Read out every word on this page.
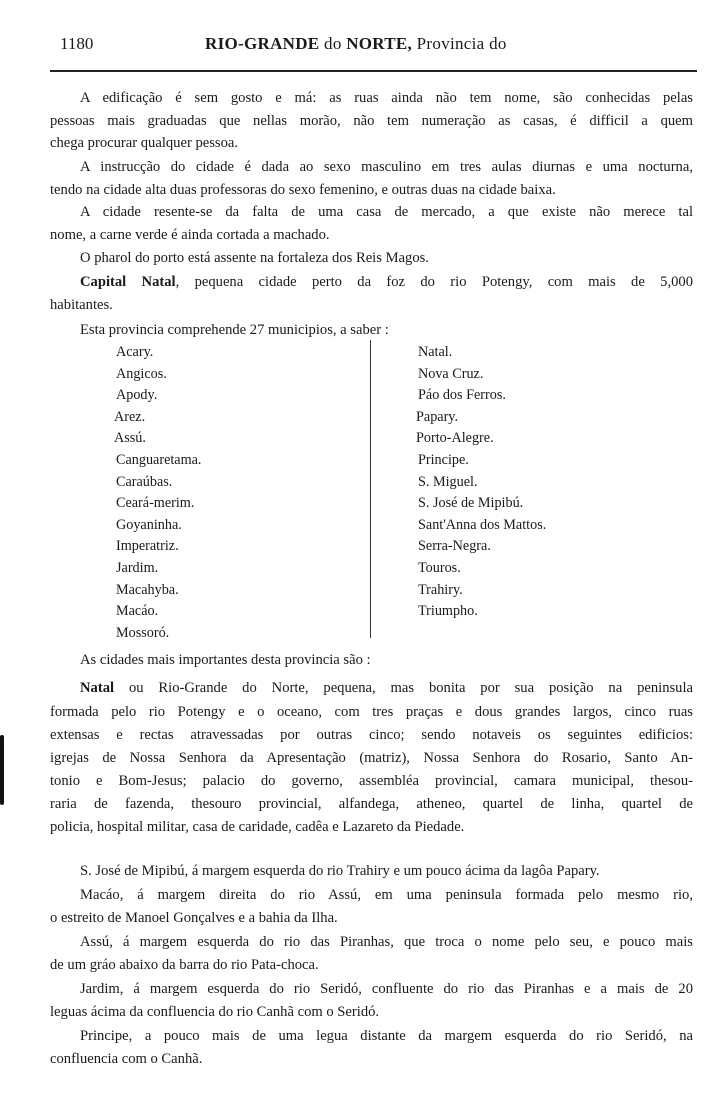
1180	RIO-GRANDE do NORTE, Provincia do
A edificação é sem gosto e má: as ruas ainda não tem nome, são conhecidas pelas
pessoas mais graduadas que nellas morão, não tem numeração as casas, é difficil a quem
chega procurar qualquer pessoa.
A instrucção do cidade é dada ao sexo masculino em tres aulas diurnas e uma nocturna,
tendo na cidade alta duas professoras do sexo femenino, e outras duas na cidade baixa.
A cidade resente-se da falta de uma casa de mercado, a que existe não merece tal
nome, a carne verde é ainda cortada a machado.
O pharol do porto está assente na fortaleza dos Reis Magos.
Capital Natal, pequena cidade perto da foz do rio Potengy, com mais de 5,000
habitantes.
Esta provincia comprehende 27 municipios, a saber :
As cidades mais importantes desta provincia são :
Natal ou Rio-Grande do Norte, pequena, mas bonita por sua posição na peninsula
formada pelo rio Potengy e o oceano, com tres praças e dous grandes largos, cinco ruas
extensas e rectas atravessadas por outras cinco; sendo notaveis os seguintes edificios:
igrejas de Nossa Senhora da Apresentação (matriz), Nossa Senhora do Rosario, Santo An-
tonio e Bom-Jesus; palacio do governo, assembléa provincial, camara municipal, thesou-
raria de fazenda, thesouro provincial, alfandega, atheneo, quartel de linha, quartel de
policia, hospital militar, casa de caridade, cadêa e Lazareto da Piedade.
S. José de Mipibú, á margem esquerda do rio Trahiry e um pouco ácima da lagôa Papary.
Macáo, á margem direita do rio Assú, em uma peninsula formada pelo mesmo rio,
o estreito de Manoel Gonçalves e a bahia da Ilha.
Assú, á margem esquerda do rio das Piranhas, que troca o nome pelo seu, e pouco mais
de um gráo abaixo da barra do rio Pata-choca.
Jardim, á margem esquerda do rio Seridó, confluente do rio das Piranhas e a mais de 20
leguas ácima da confluencia do rio Canhã com o Seridó.
Principe, a pouco mais de uma legua distante da margem esquerda do rio Seridó, na
confluencia com o Canhã.
Acary.
Angicos.
Apody.
Arez.
Assú.
Canguaretama.
Caraúbas.
Ceará-merim.
Goyaninha.
Imperatriz.
Jardim.
Macahyba.
Macáo.
Mossoró.
Natal.
Nova Cruz.
Páo dos Ferros.
Papary.
Porto-Alegre.
Principe.
S. Miguel.
S. José de Mipibú.
Sant'Anna dos Mattos.
Serra-Negra.
Touros.
Trahiry.
Triumpho.
